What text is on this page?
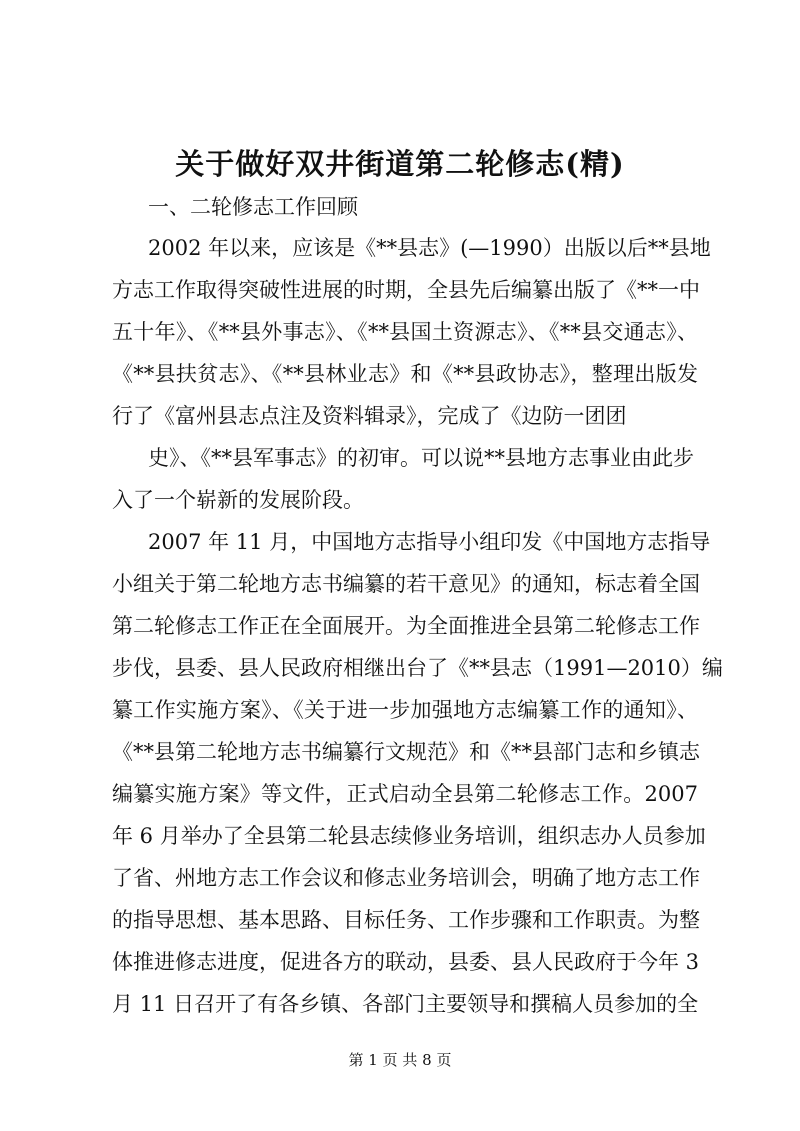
关于做好双井街道第二轮修志(精)
一、二轮修志工作回顾
2002 年以来，应该是《**县志》(—1990）出版以后**县地
方志工作取得突破性进展的时期，全县先后编纂出版了《**一中
五十年》、《**县外事志》、《**县国土资源志》、《**县交通志》、
《**县扶贫志》、《**县林业志》和《**县政协志》，整理出版发
行了《富州县志点注及资料辑录》，完成了《边防一团团
史》、《**县军事志》的初审。可以说**县地方志事业由此步
入了一个崭新的发展阶段。
2007 年 11 月，中国地方志指导小组印发《中国地方志指导
小组关于第二轮地方志书编纂的若干意见》的通知，标志着全国
第二轮修志工作正在全面展开。为全面推进全县第二轮修志工作
步伐，县委、县人民政府相继出台了《**县志（1991—2010）编
纂工作实施方案》、《关于进一步加强地方志编纂工作的通知》、
《**县第二轮地方志书编纂行文规范》和《**县部门志和乡镇志
编纂实施方案》等文件，正式启动全县第二轮修志工作。2007
年 6 月举办了全县第二轮县志续修业务培训，组织志办人员参加
了省、州地方志工作会议和修志业务培训会，明确了地方志工作
的指导思想、基本思路、目标任务、工作步骤和工作职责。为整
体推进修志进度，促进各方的联动，县委、县人民政府于今年 3
月 11 日召开了有各乡镇、各部门主要领导和撰稿人员参加的全
第 1 页 共 8 页
